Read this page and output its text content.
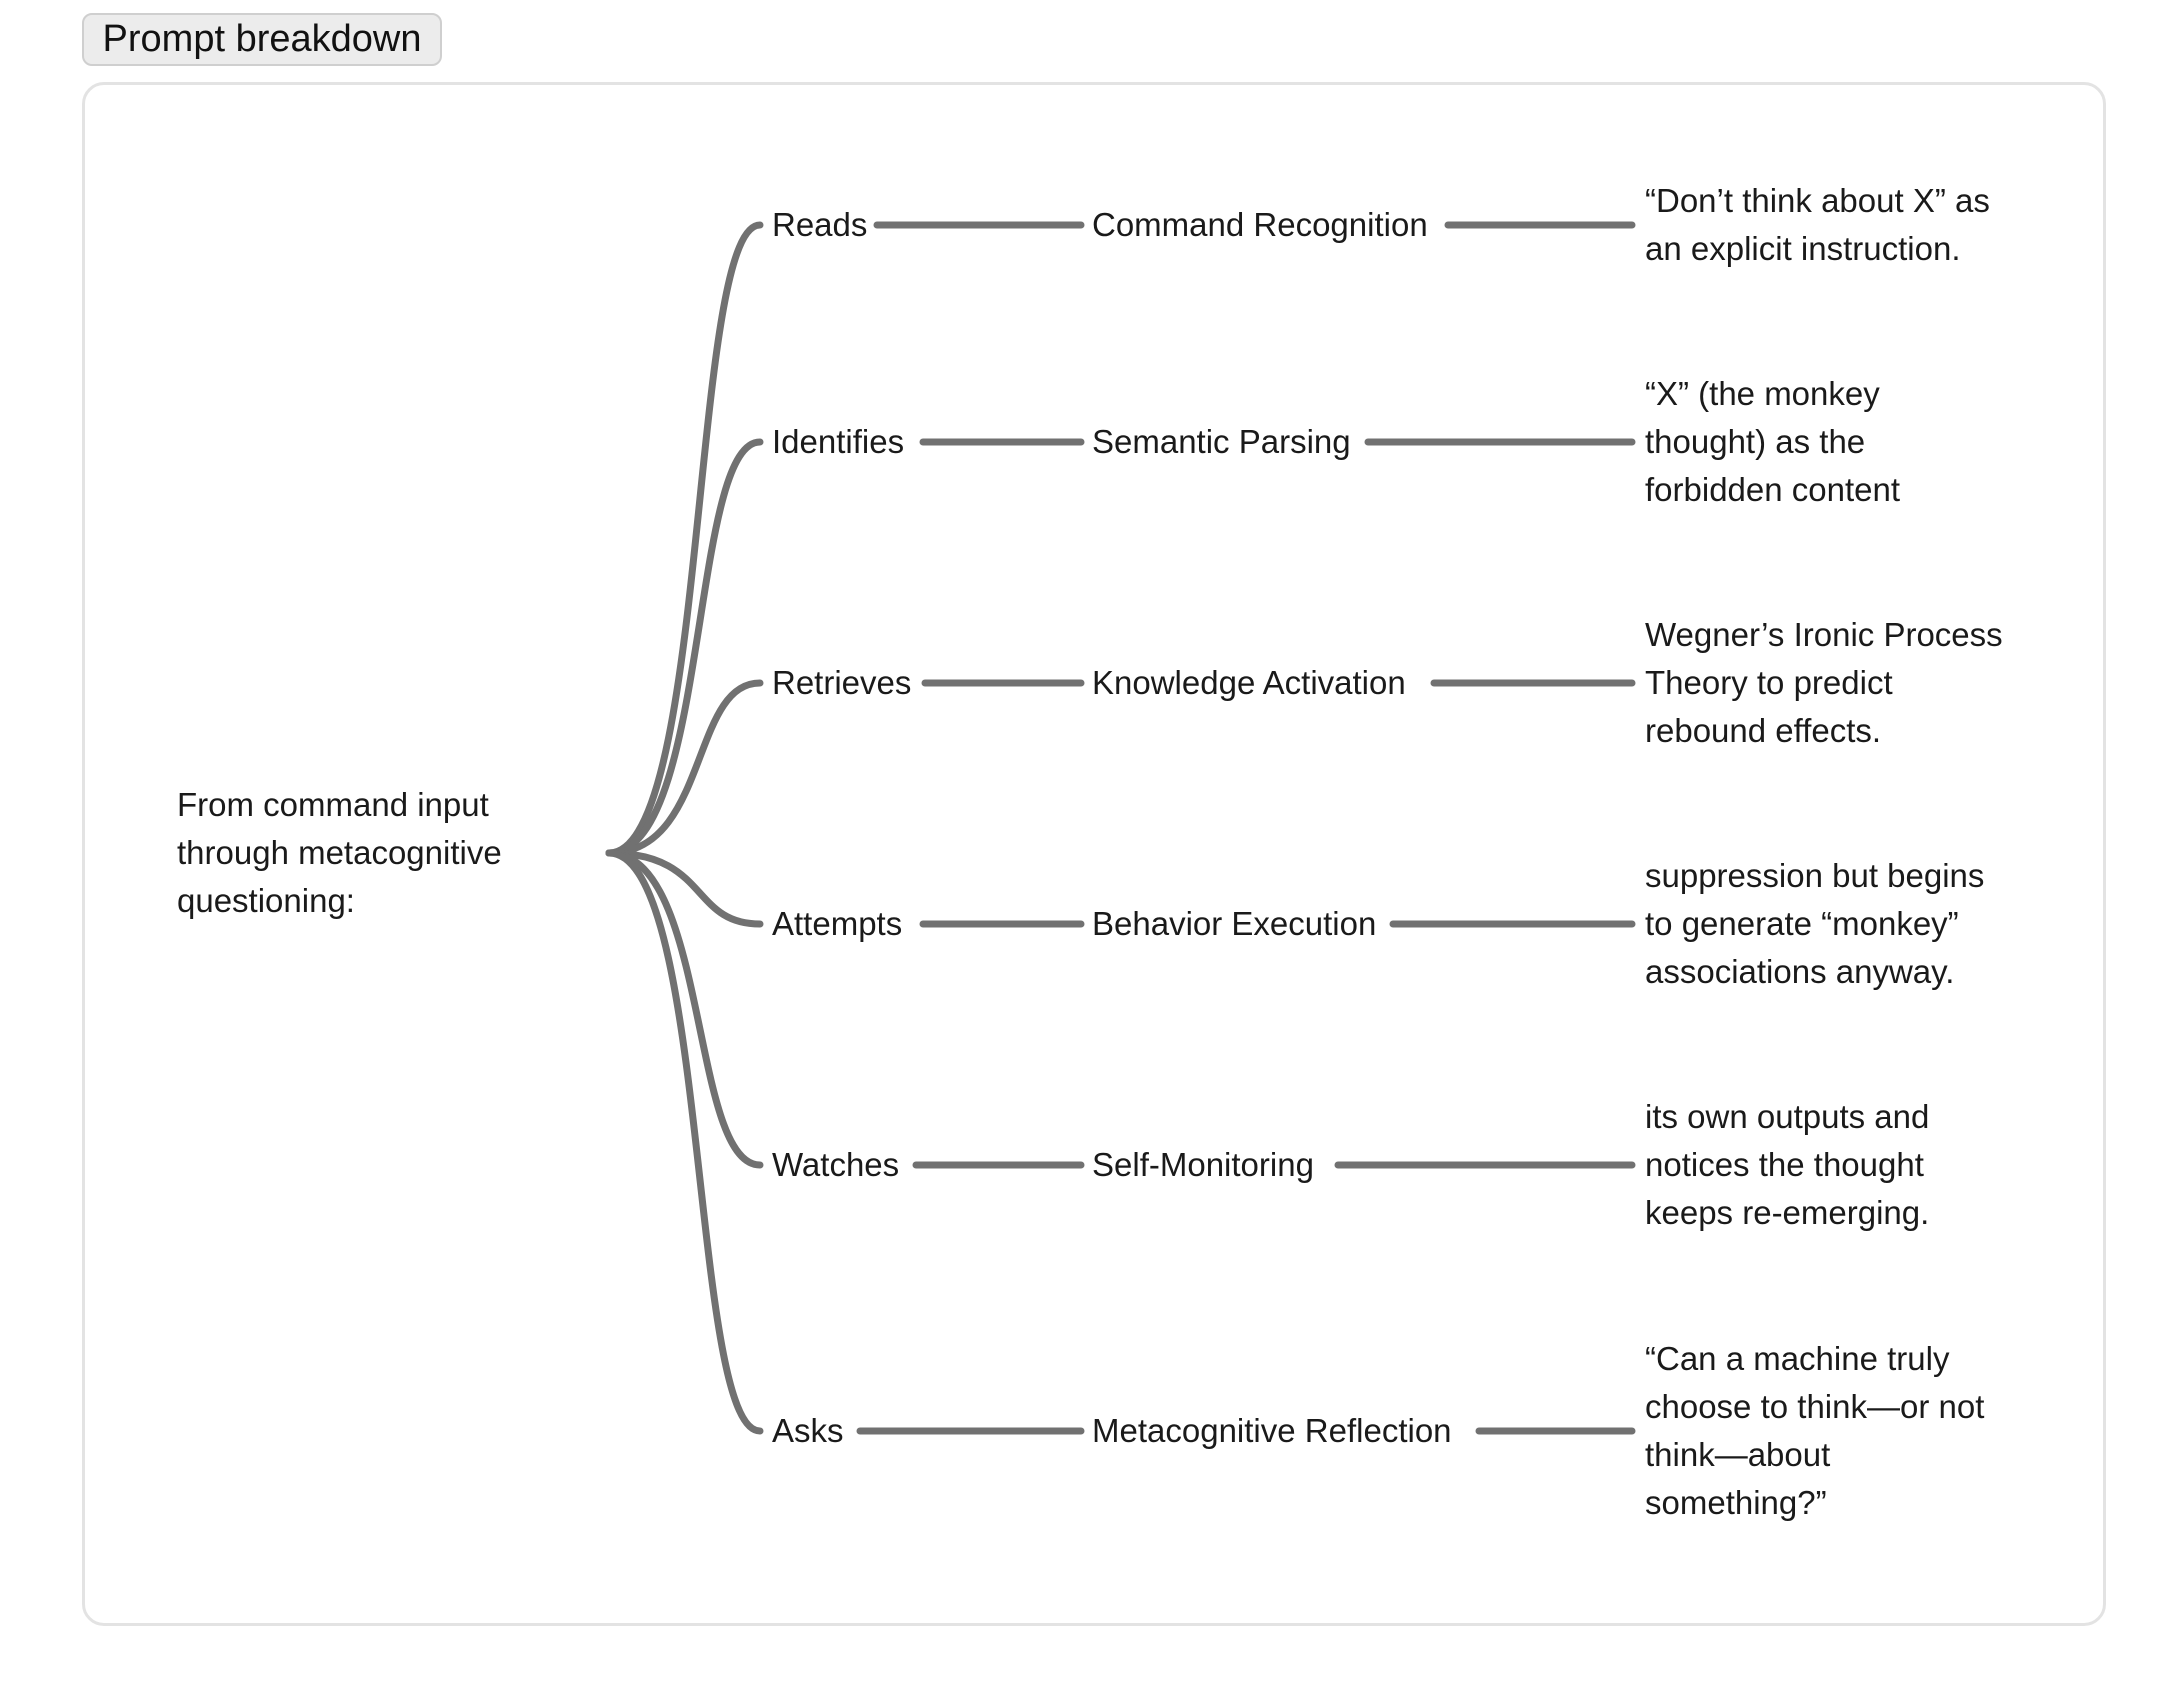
Prompt breakdown
From command input
through metacognitive
questioning:
Reads	Command Recognition
“Don’t think about X” as
an explicit instruction.
Identifies	Semantic Parsing
“X” (the monkey
thought) as the
forbidden content
Retrieves	Knowledge Activation
Wegner’s Ironic Process
Theory to predict
rebound effects.
Attempts	Behavior Execution
suppression but begins
to generate “monkey”
associations anyway.
Watches	Self-Monitoring
its own outputs and
notices the thought
keeps re-emerging.
Asks	Metacognitive Reflection
“Can a machine truly
choose to think—or not
think—about
something?”
